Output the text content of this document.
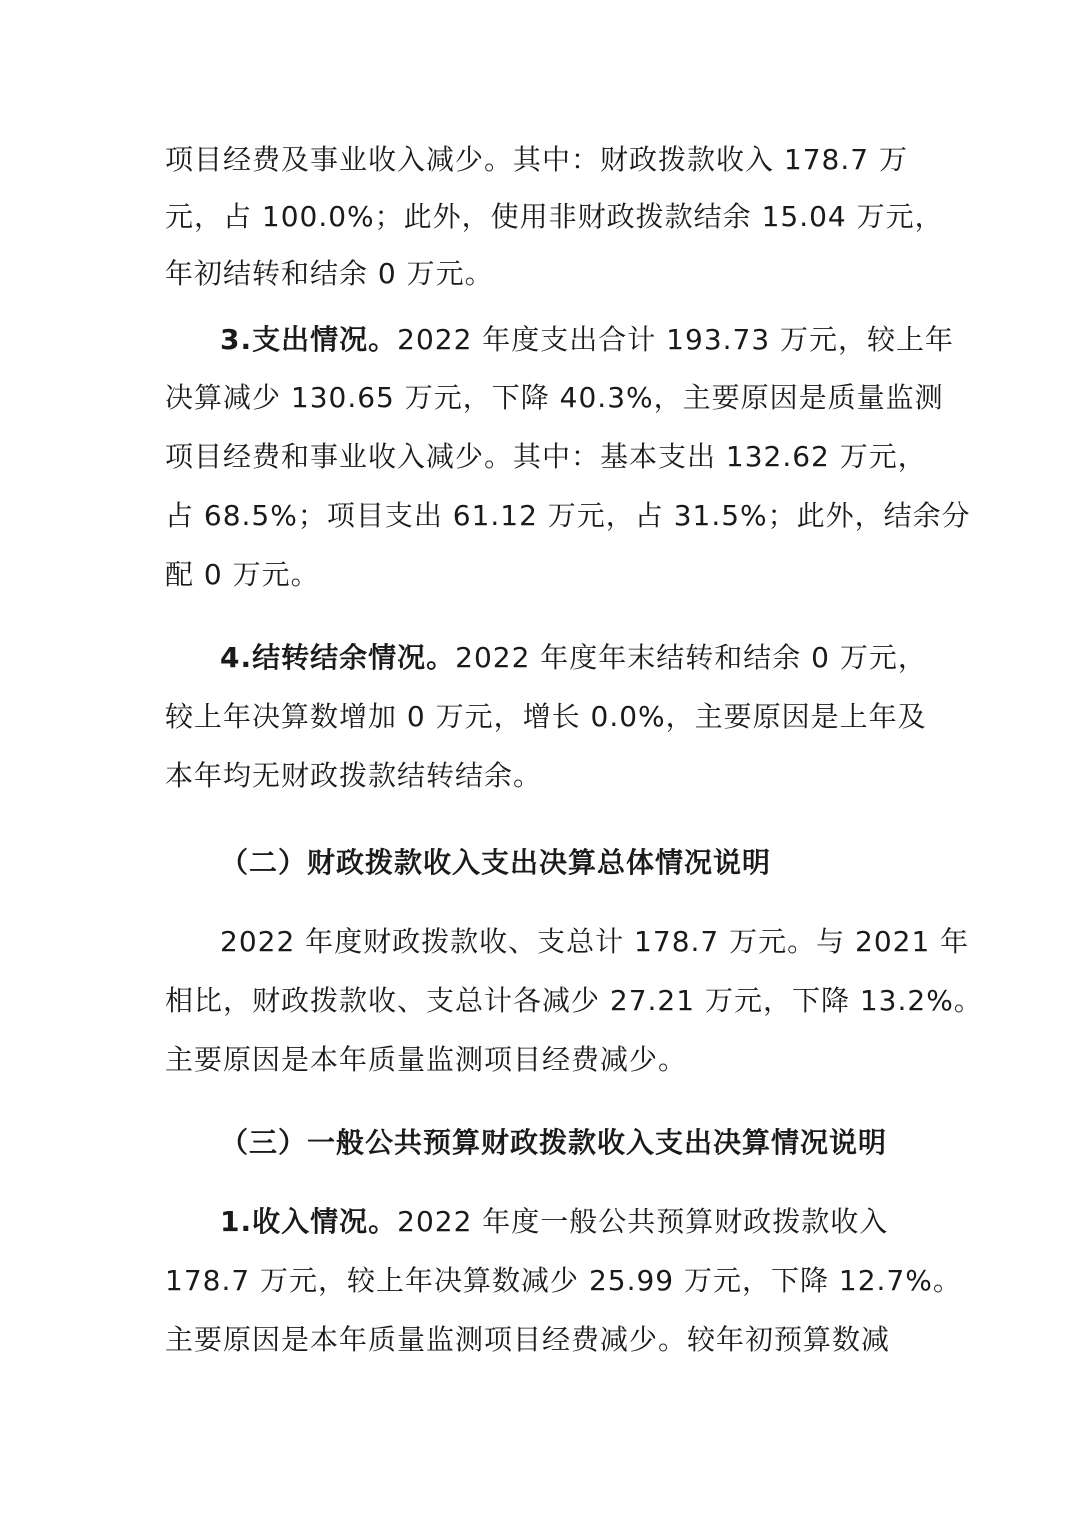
项目经费及事业收入减少。其中：财政拨款收入 178.7 万
元，占 100.0%；此外，使用非财政拨款结余 15.04 万元，
年初结转和结余 0 万元。
3.支出情况。2022 年度支出合计 193.73 万元，较上年
决算减少 130.65 万元，下降 40.3%，主要原因是质量监测
项目经费和事业收入减少。其中：基本支出 132.62 万元，
占 68.5%；项目支出 61.12 万元，占 31.5%；此外，结余分
配 0 万元。
4.结转结余情况。2022 年度年末结转和结余 0 万元，
较上年决算数增加 0 万元，增长 0.0%，主要原因是上年及
本年均无财政拨款结转结余。
（二）财政拨款收入支出决算总体情况说明
2022 年度财政拨款收、支总计 178.7 万元。与 2021 年
相比，财政拨款收、支总计各减少 27.21 万元，下降 13.2%。
主要原因是本年质量监测项目经费减少。
（三）一般公共预算财政拨款收入支出决算情况说明
1.收入情况。2022 年度一般公共预算财政拨款收入
178.7 万元，较上年决算数减少 25.99 万元，下降 12.7%。
主要原因是本年质量监测项目经费减少。较年初预算数减
